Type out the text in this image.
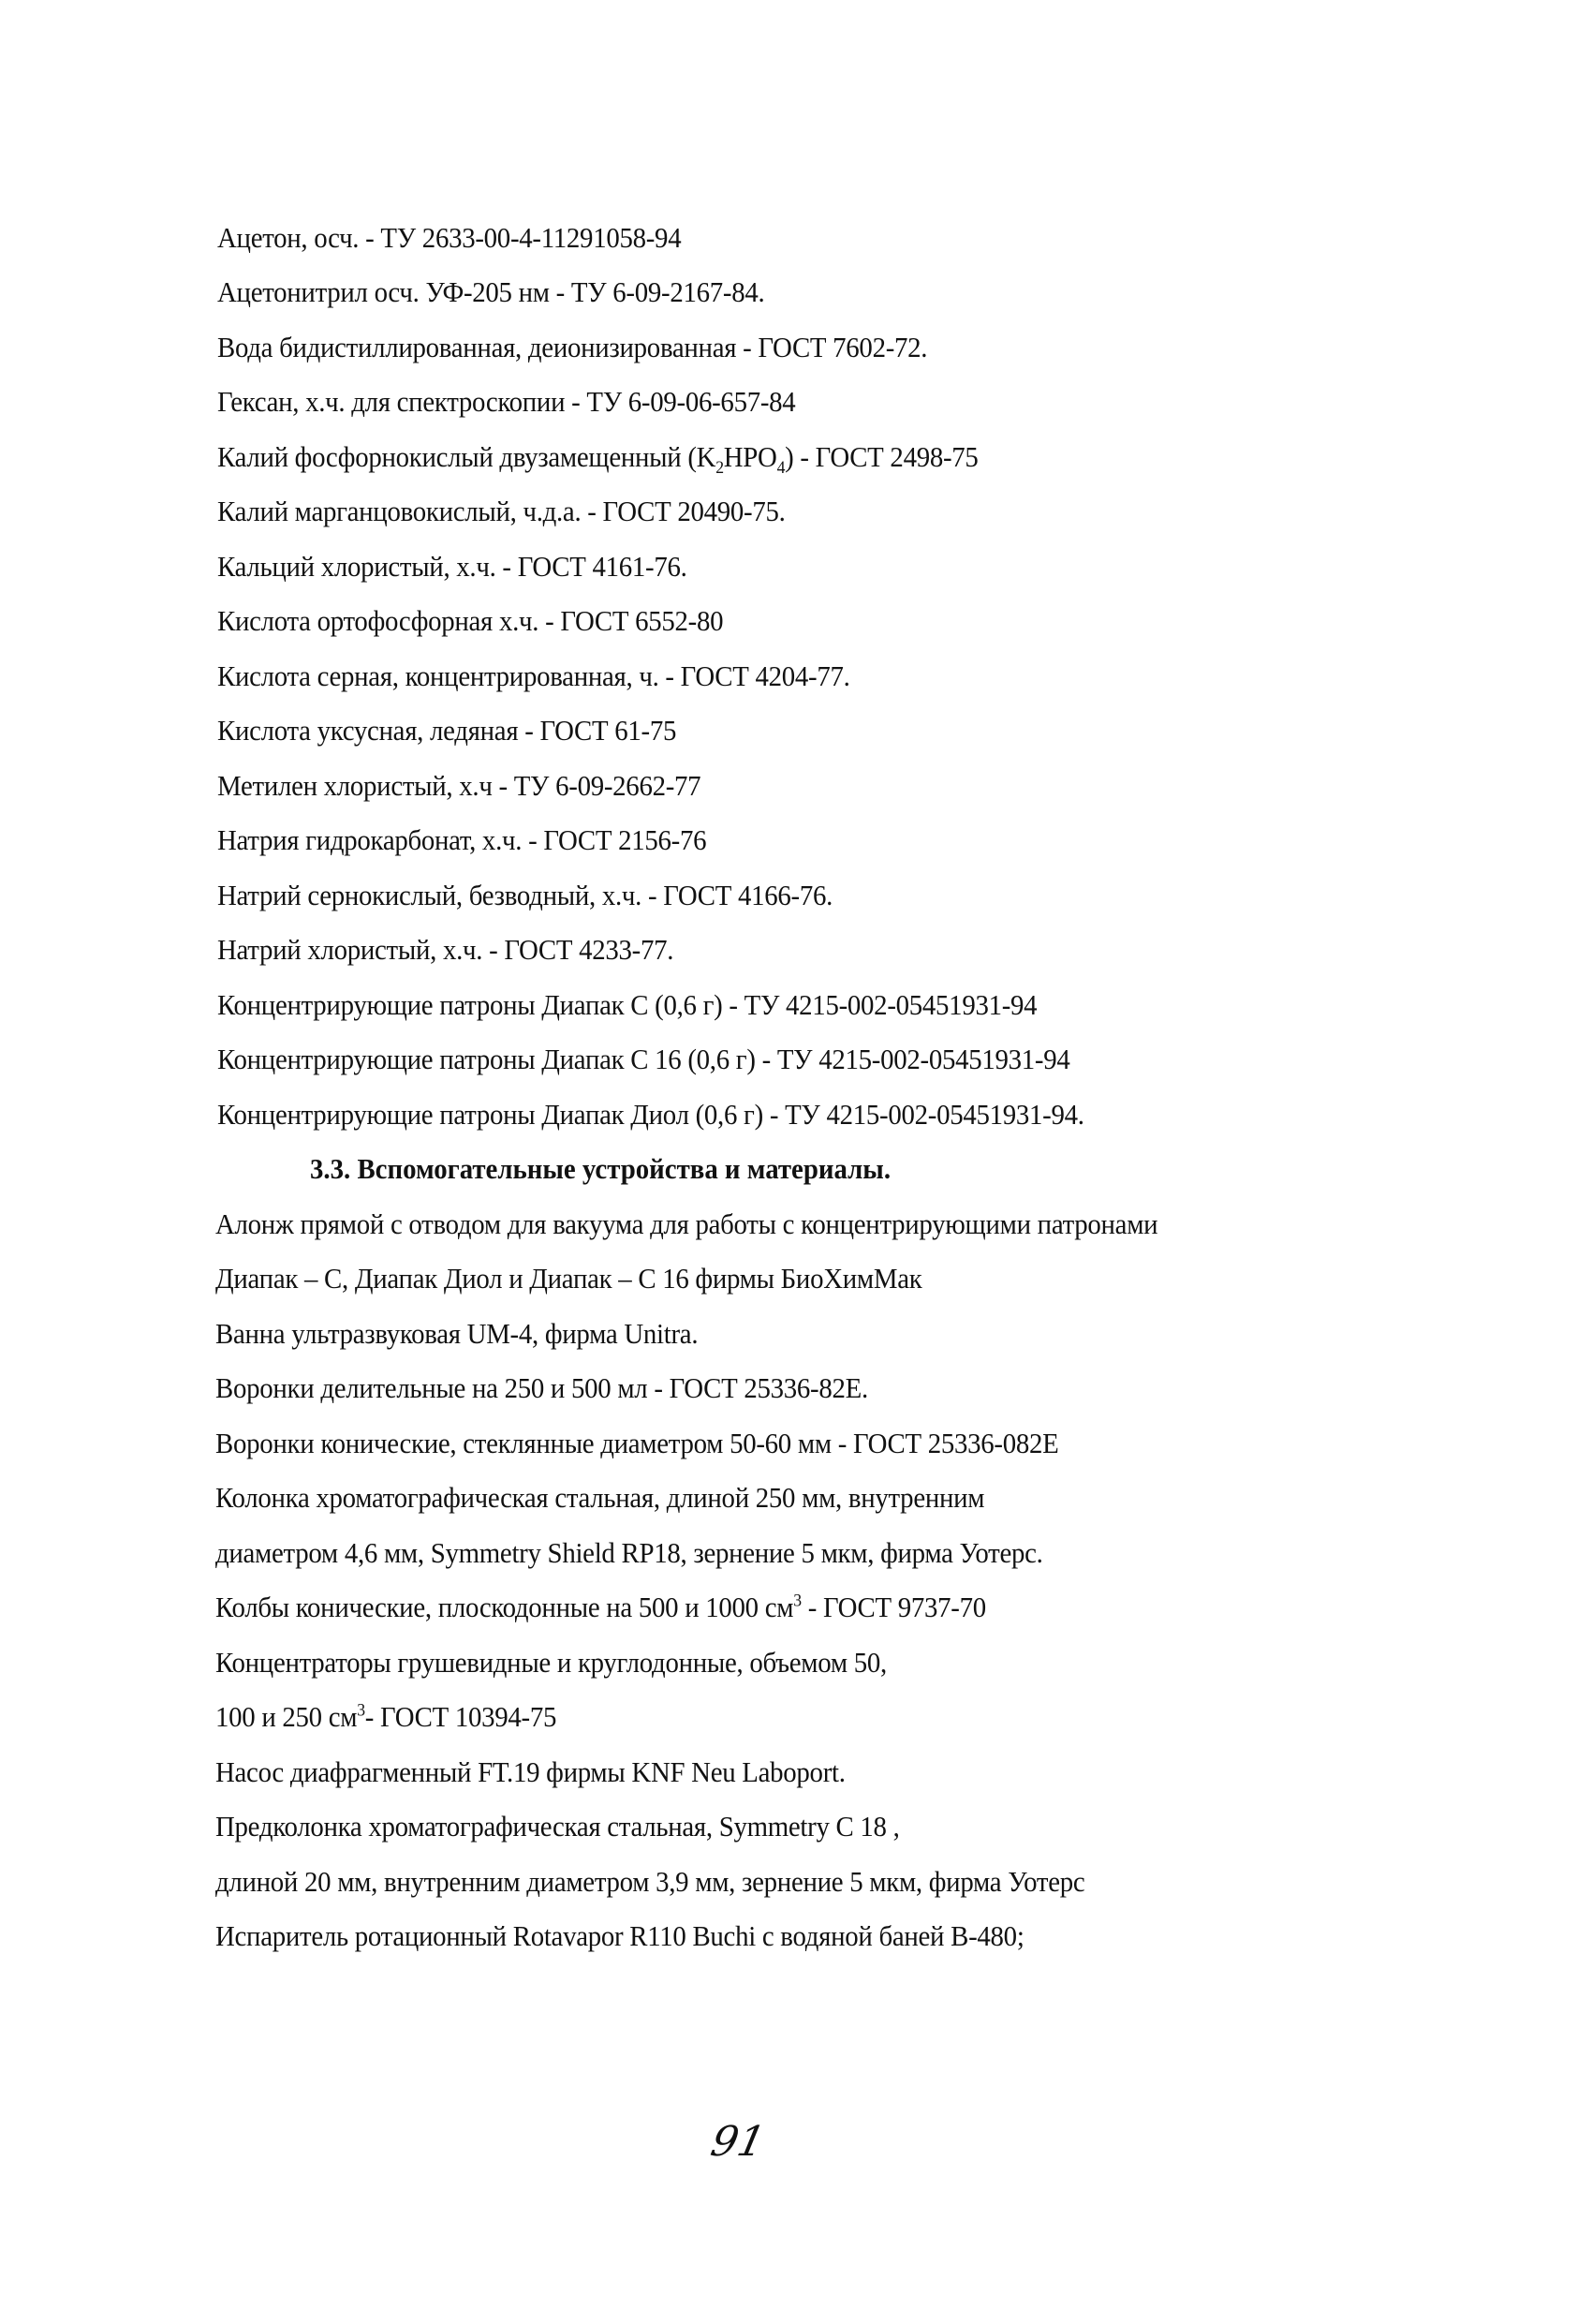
Ацетон, осч. - ТУ 2633-00-4-11291058-94
Ацетонитрил осч. УФ-205 нм - ТУ 6-09-2167-84.
Вода бидистиллированная, деионизированная - ГОСТ 7602-72.
Гексан, х.ч. для спектроскопии - ТУ 6-09-06-657-84
Калий фосфорнокислый двузамещенный $(K_2HPO_4)$ - ГОСТ 2498-75
Калий марганцовокислый, ч.д.а. - ГОСТ 20490-75.
Кальций хлористый, х.ч. - ГОСТ 4161-76.
Кислота ортофосфорная х.ч. - ГОСТ 6552-80
Кислота серная, концентрированная, ч. - ГОСТ 4204-77.
Кислота уксусная, ледяная - ГОСТ 61-75
Метилен хлористый, х.ч - ТУ 6-09-2662-77
Натрия гидрокарбонат, х.ч. - ГОСТ 2156-76
Натрий сернокислый, безводный, х.ч. - ГОСТ 4166-76.
Натрий хлористый, х.ч. - ГОСТ 4233-77.
Концентрирующие патроны Диапак С (0,6 г) - ТУ 4215-002-05451931-94
Концентрирующие патроны Диапак С 16 (0,6 г) - ТУ 4215-002-05451931-94
Концентрирующие патроны Диапак Диол (0,6 г) - ТУ 4215-002-05451931-94.
3.3. Вспомогательные устройства и материалы.
Алонж прямой с отводом для вакуума для работы с концентрирующими патронами
Диапак – С, Диапак Диол и Диапак – С 16 фирмы БиоХимМак
Ванна ультразвуковая UM-4, фирма Unitra.
Воронки делительные на 250 и 500 мл - ГОСТ 25336-82Е.
Воронки конические, стеклянные диаметром 50-60 мм - ГОСТ 25336-082Е
Колонка хроматографическая стальная, длиной 250 мм, внутренним
диаметром 4,6 мм, Symmetry Shield RP18, зернение 5 мкм, фирма Уотерс.
Колбы конические, плоскодонные на 500 и 1000 $см^3$ - ГОСТ 9737-70
Концентраторы грушевидные и круглодонные, объемом 50,
100 и 250 $см^3-$ ГОСТ 10394-75
Насос диафрагменный FT.19 фирмы KNF Neu Laboport.
Предколонка хроматографическая стальная, Symmetry C 18 ,
длиной 20 мм, внутренним диаметром 3,9 мм, зернение 5 мкм, фирма Уотерс
Испаритель ротационный Rotavapor R110 Buchi с водяной баней B-480;
91
